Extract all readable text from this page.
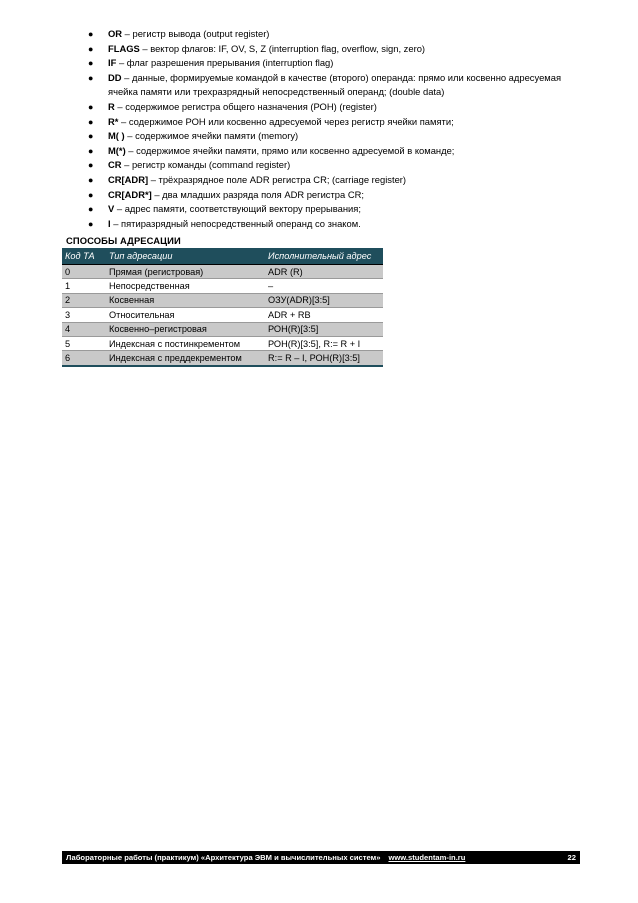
● OR – регистр вывода (output register)
● FLAGS – вектор флагов: IF, OV, S, Z (interruption flag, overflow, sign, zero)
● IF – флаг разрешения прерывания (interruption flag)
● DD – данные, формируемые командой в качестве (второго) операнда: прямо или косвенно адресуемая ячейка памяти или трехразрядный непосредственный операнд; (double data)
● R – содержимое регистра общего назначения (РОН) (register)
● R* – содержимое РОН или косвенно адресуемой через регистр ячейки памяти;
● M( ) – содержимое ячейки памяти (memory)
● M(*) – содержимое ячейки памяти, прямо или косвенно адресуемой в команде;
● CR – регистр команды (command register)
● CR[ADR] – трёхразрядное поле ADR регистра CR; (carriage register)
● CR[ADR*] – два младших разряда поля ADR регистра CR;
● V – адрес памяти, соответствующий вектору прерывания;
● I – пятиразрядный непосредственный операнд со знаком.
СПОСОБЫ АДРЕСАЦИИ
Код ТА	Тип адресации	Исполнительный адрес
0	Прямая (регистровая)	ADR (R)
1	Непосредственная	–
2	Косвенная	ОЗУ(ADR)[3:5]
3	Относительная	ADR + RB
4	Косвенно–регистровая	РОН(R)[3:5]
5	Индексная с постинкрементом	РОН(R)[3:5], R:= R + I
6	Индексная с преддекрементом	R:= R – I, РОН(R)[3:5]
Лабораторные работы (практикум) «Архитектура ЭВМ и вычислительных систем» www.studentam-in.ru	22
